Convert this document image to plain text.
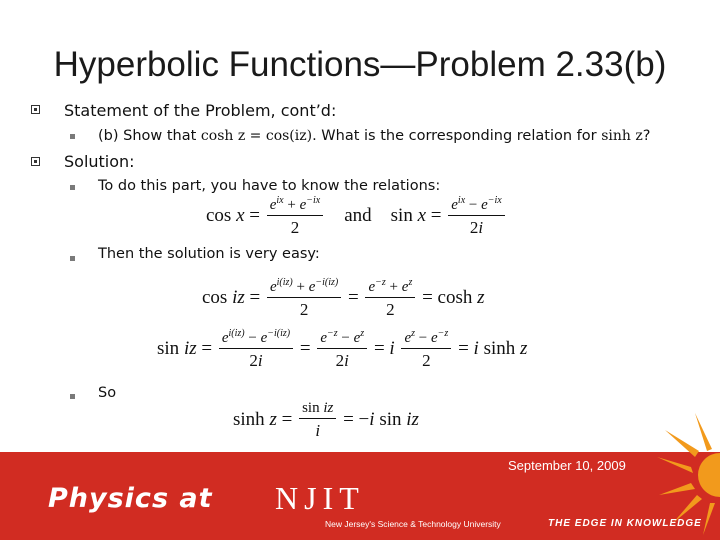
Hyperbolic Functions—Problem 2.33(b)
Statement of the Problem, cont’d:
(b) Show that cosh z = cos(iz). What is the corresponding relation for sinh z?
Solution:
To do this part, you have to know the relations:
$\cos x = \frac{e^{ix} + e^{-ix}}{2}$ and    $\sin x = \frac{e^{ix} - e^{-ix}}{2i}$
Then the solution is very easy:
cos iz = $\frac{e^{i(iz)} + e^{-i(iz)}}{2} = \frac{e^{-z} + e^z}{2} = \cosh z$
sin iz = $\frac{e^{i(iz)} - e^{-i(iz)}}{2i} = \frac{e^{-z} - e^z}{2i} = i \frac{e^z - e^{-z}}{2} = i$ sinh z
So
$\sinh z = \frac{\text{sin iz}}{i} = -i$ sin iz
September 10, 2009
Physics at NJIT
New Jersey's Science & Technology University	THE EDGE IN KNOWLEDGE
